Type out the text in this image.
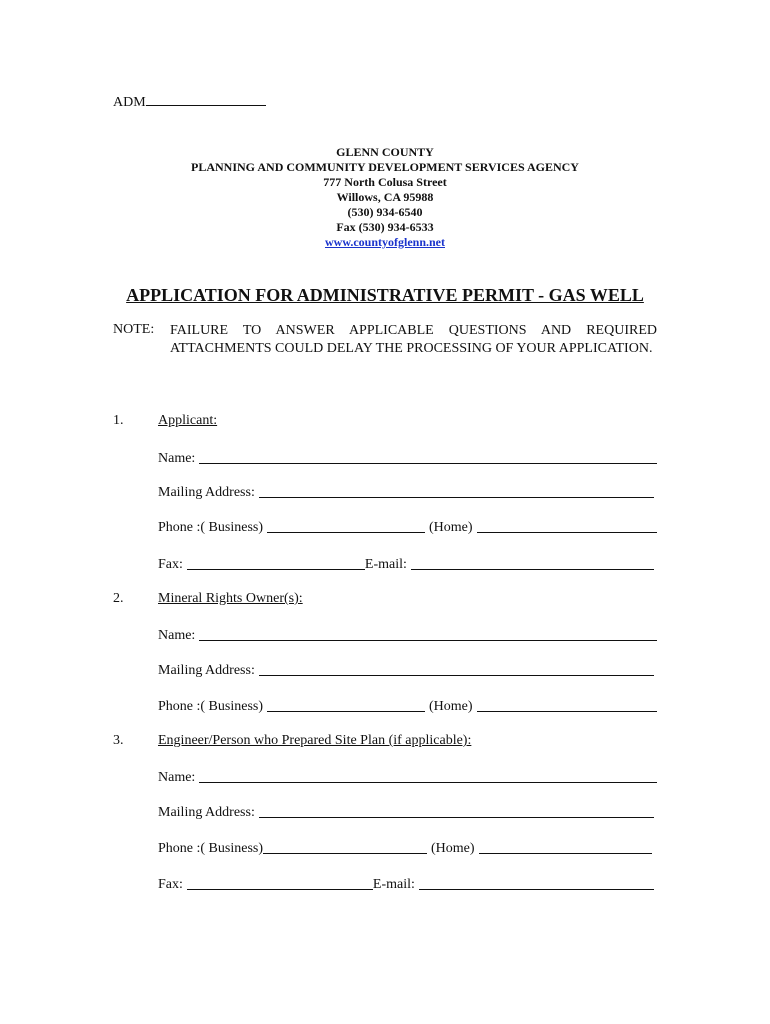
ADM
GLENN COUNTY
PLANNING AND COMMUNITY DEVELOPMENT SERVICES AGENCY
777 North Colusa Street
Willows, CA 95988
(530) 934-6540
Fax (530) 934-6533
www.countyofglenn.net
APPLICATION FOR ADMINISTRATIVE PERMIT - GAS WELL
NOTE: FAILURE TO ANSWER APPLICABLE QUESTIONS AND REQUIRED ATTACHMENTS COULD DELAY THE PROCESSING OF YOUR APPLICATION.
1. Applicant:
Name:
Mailing Address:
Phone :( Business)	(Home)
Fax:	E-mail:
2. Mineral Rights Owner(s):
Name:
Mailing Address:
Phone :( Business)	(Home)
3. Engineer/Person who Prepared Site Plan (if applicable):
Name:
Mailing Address:
Phone :( Business)	(Home)
Fax:	E-mail:
